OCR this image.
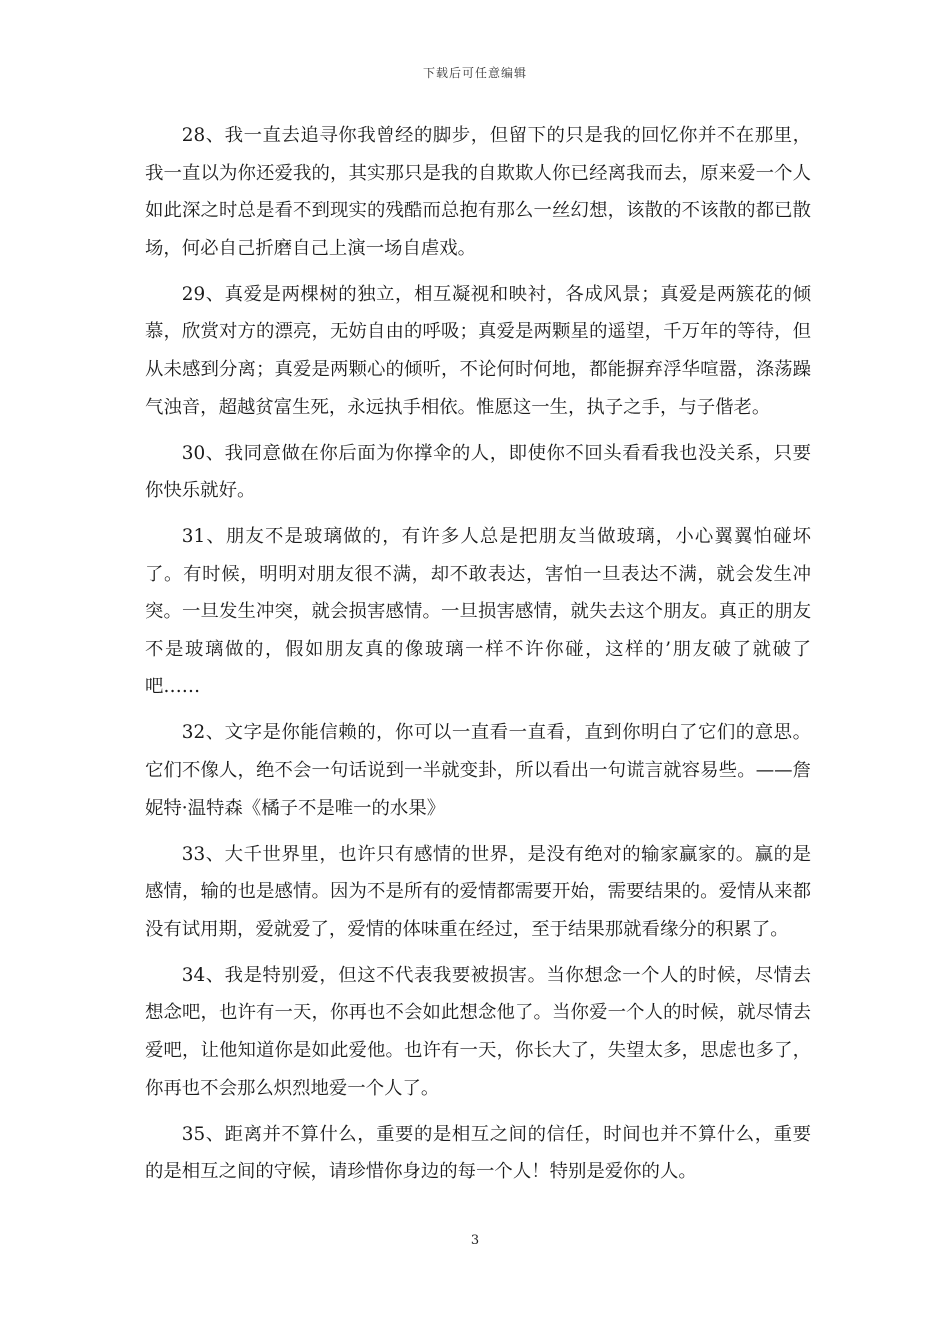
下载后可任意编辑

28、我一直去追寻你我曾经的脚步，但留下的只是我的回忆你并不在那里，我一直以为你还爱我的，其实那只是我的自欺欺人你已经离我而去，原来爱一个人如此深之时总是看不到现实的残酷而总抱有那么一丝幻想，该散的不该散的都已散场，何必自己折磨自己上演一场自虐戏。

29、真爱是两棵树的独立，相互凝视和映衬，各成风景；真爱是两簇花的倾慕，欣赏对方的漂亮，无妨自由的呼吸；真爱是两颗星的遥望，千万年的等待，但从未感到分离；真爱是两颗心的倾听，不论何时何地，都能摒弃浮华喧嚣，涤荡躁气浊音，超越贫富生死，永远执手相依。惟愿这一生，执子之手，与子偕老。

30、我同意做在你后面为你撑伞的人，即使你不回头看看我也没关系，只要你快乐就好。

31、朋友不是玻璃做的，有许多人总是把朋友当做玻璃，小心翼翼怕碰坏了。有时候，明明对朋友很不满，却不敢表达，害怕一旦表达不满，就会发生冲突。一旦发生冲突，就会损害感情。一旦损害感情，就失去这个朋友。真正的朋友不是玻璃做的，假如朋友真的像玻璃一样不许你碰，这样的’朋友破了就破了吧……

32、文字是你能信赖的，你可以一直看一直看，直到你明白了它们的意思。它们不像人，绝不会一句话说到一半就变卦，所以看出一句谎言就容易些。——詹妮特·温特森《橘子不是唯一的水果》

33、大千世界里，也许只有感情的世界，是没有绝对的输家赢家的。赢的是感情，输的也是感情。因为不是所有的爱情都需要开始，需要结果的。爱情从来都没有试用期，爱就爱了，爱情的体味重在经过，至于结果那就看缘分的积累了。

34、我是特别爱，但这不代表我要被损害。当你想念一个人的时候，尽情去想念吧，也许有一天，你再也不会如此想念他了。当你爱一个人的时候，就尽情去爱吧，让他知道你是如此爱他。也许有一天，你长大了，失望太多，思虑也多了，你再也不会那么炽烈地爱一个人了。

35、距离并不算什么，重要的是相互之间的信任，时间也并不算什么，重要的是相互之间的守候，请珍惜你身边的每一个人！特别是爱你的人。

3
